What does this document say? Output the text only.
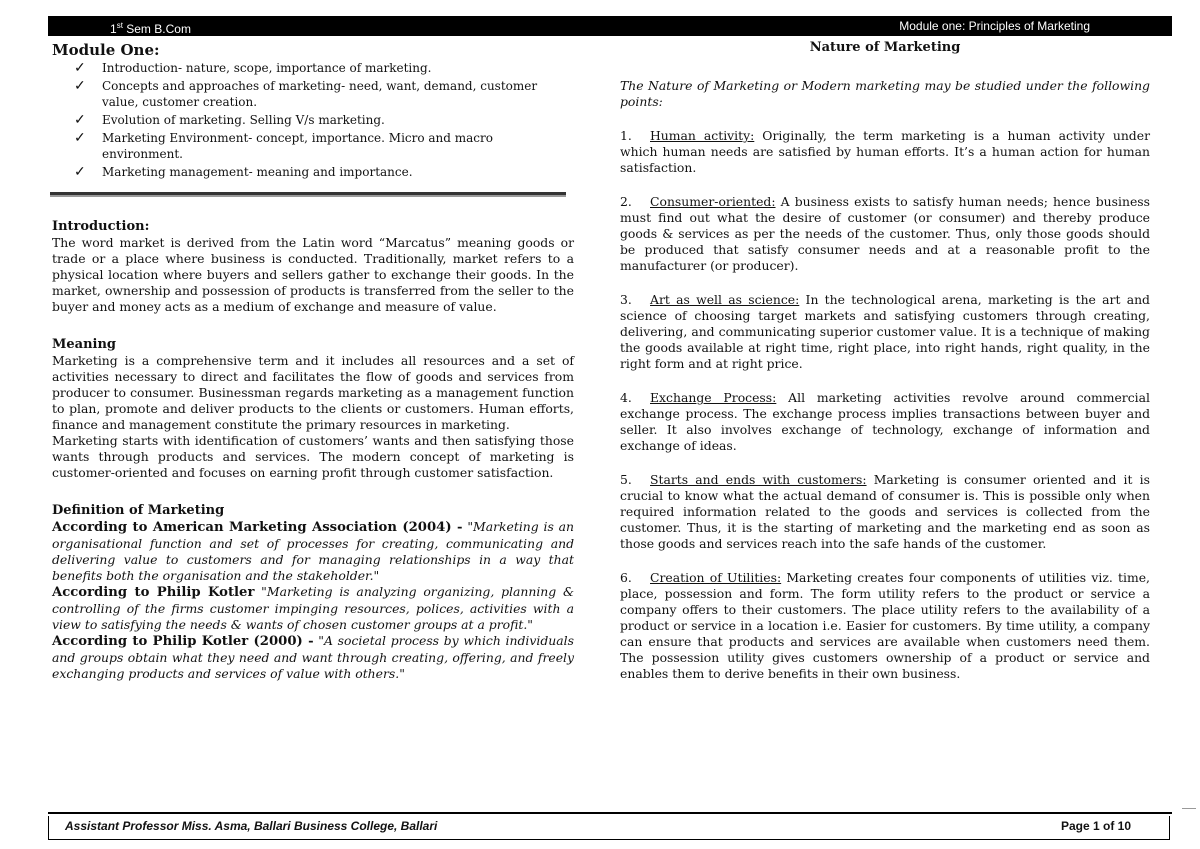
1st Sem B.Com	Module one: Principles of Marketing

Module One:

✓ Introduction- nature, scope, importance of marketing.
✓ Concepts and approaches of marketing- need, want, demand, customer value, customer creation.
✓ Evolution of marketing. Selling V/s marketing.
✓ Marketing Environment- concept, importance. Micro and macro environment.
✓ Marketing management- meaning and importance.

Introduction:

The word market is derived from the Latin word “Marcatus” meaning goods or trade or a place where business is conducted. Traditionally, market refers to a physical location where buyers and sellers gather to exchange their goods. In the market, ownership and possession of products is transferred from the seller to the buyer and money acts as a medium of exchange and measure of value.

Meaning

Marketing is a comprehensive term and it includes all resources and a set of activities necessary to direct and facilitates the flow of goods and services from producer to consumer. Businessman regards marketing as a management function to plan, promote and deliver products to the clients or customers. Human efforts, finance and management constitute the primary resources in marketing.

Marketing starts with identification of customers’ wants and then satisfying those wants through products and services. The modern concept of marketing is customer-oriented and focuses on earning profit through customer satisfaction.

Definition of Marketing

According to American Marketing Association (2004) - "Marketing is an organisational function and set of processes for creating, communicating and delivering value to customers and for managing relationships in a way that benefits both the organisation and the stakeholder."

According to Philip Kotler "Marketing is analyzing organizing, planning & controlling of the firms customer impinging resources, polices, activities with a view to satisfying the needs & wants of chosen customer groups at a profit."

According to Philip Kotler (2000) - "A societal process by which individuals and groups obtain what they need and want through creating, offering, and freely exchanging products and services of value with others."

Nature of Marketing

The Nature of Marketing or Modern marketing may be studied under the following points:

1. Human activity: Originally, the term marketing is a human activity under which human needs are satisfied by human efforts. It’s a human action for human satisfaction.

2. Consumer-oriented: A business exists to satisfy human needs; hence business must find out what the desire of customer (or consumer) and thereby produce goods & services as per the needs of the customer. Thus, only those goods should be produced that satisfy consumer needs and at a reasonable profit to the manufacturer (or producer).

3. Art as well as science: In the technological arena, marketing is the art and science of choosing target markets and satisfying customers through creating, delivering, and communicating superior customer value. It is a technique of making the goods available at right time, right place, into right hands, right quality, in the right form and at right price.

4. Exchange Process: All marketing activities revolve around commercial exchange process. The exchange process implies transactions between buyer and seller. It also involves exchange of technology, exchange of information and exchange of ideas.

5. Starts and ends with customers: Marketing is consumer oriented and it is crucial to know what the actual demand of consumer is. This is possible only when required information related to the goods and services is collected from the customer. Thus, it is the starting of marketing and the marketing end as soon as those goods and services reach into the safe hands of the customer.

6. Creation of Utilities: Marketing creates four components of utilities viz. time, place, possession and form. The form utility refers to the product or service a company offers to their customers. The place utility refers to the availability of a product or service in a location i.e. Easier for customers. By time utility, a company can ensure that products and services are available when customers need them. The possession utility gives customers ownership of a product or service and enables them to derive benefits in their own business.

Assistant Professor Miss. Asma, Ballari Business College, Ballari	Page 1 of 10
